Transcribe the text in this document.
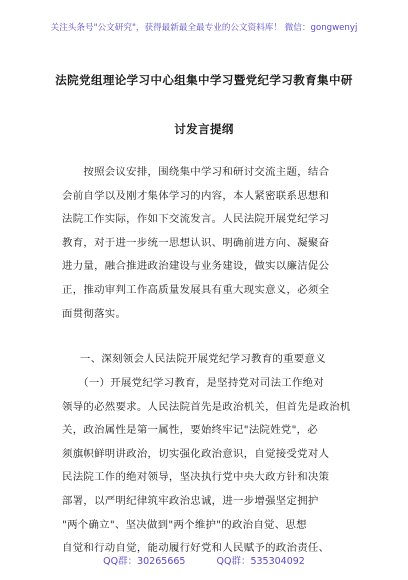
关注头条号"公文研究"，获得最新最全最专业的公文资料库！ 微信：gongwenyj
法院党组理论学习中心组集中学习暨党纪学习教育集中研
讨发言提纲
　　按照会议安排，围绕集中学习和研讨交流主题，结合
会前自学以及刚才集体学习的内容，本人紧密联系思想和
法院工作实际，作如下交流发言。人民法院开展党纪学习
教育，对于进一步统一思想认识、明确前进方向、凝聚奋
进力量，融合推进政治建设与业务建设，做实以廉洁促公
正，推动审判工作高质量发展具有重大现实意义，必须全
面贯彻落实。
一、深刻领会人民法院开展党纪学习教育的重要意义
　　（一）开展党纪学习教育，是坚持党对司法工作绝对
领导的必然要求。人民法院首先是政治机关，但首先是政治机
关，政治属性是第一属性，要始终牢记"法院姓党"，必
须旗帜鲜明讲政治，切实强化政治意识，自觉接受党对人
民法院工作的绝对领导，坚决执行党中央大政方针和决策
部署，以严明纪律筑牢政治忠诚，进一步增强坚定拥护
"两个确立"、坚决做到"两个维护"的政治自觉、思想
自觉和行动自觉，能动履行好党和人民赋予的政治责任、
QQ群：30265665	QQ群：535304092
